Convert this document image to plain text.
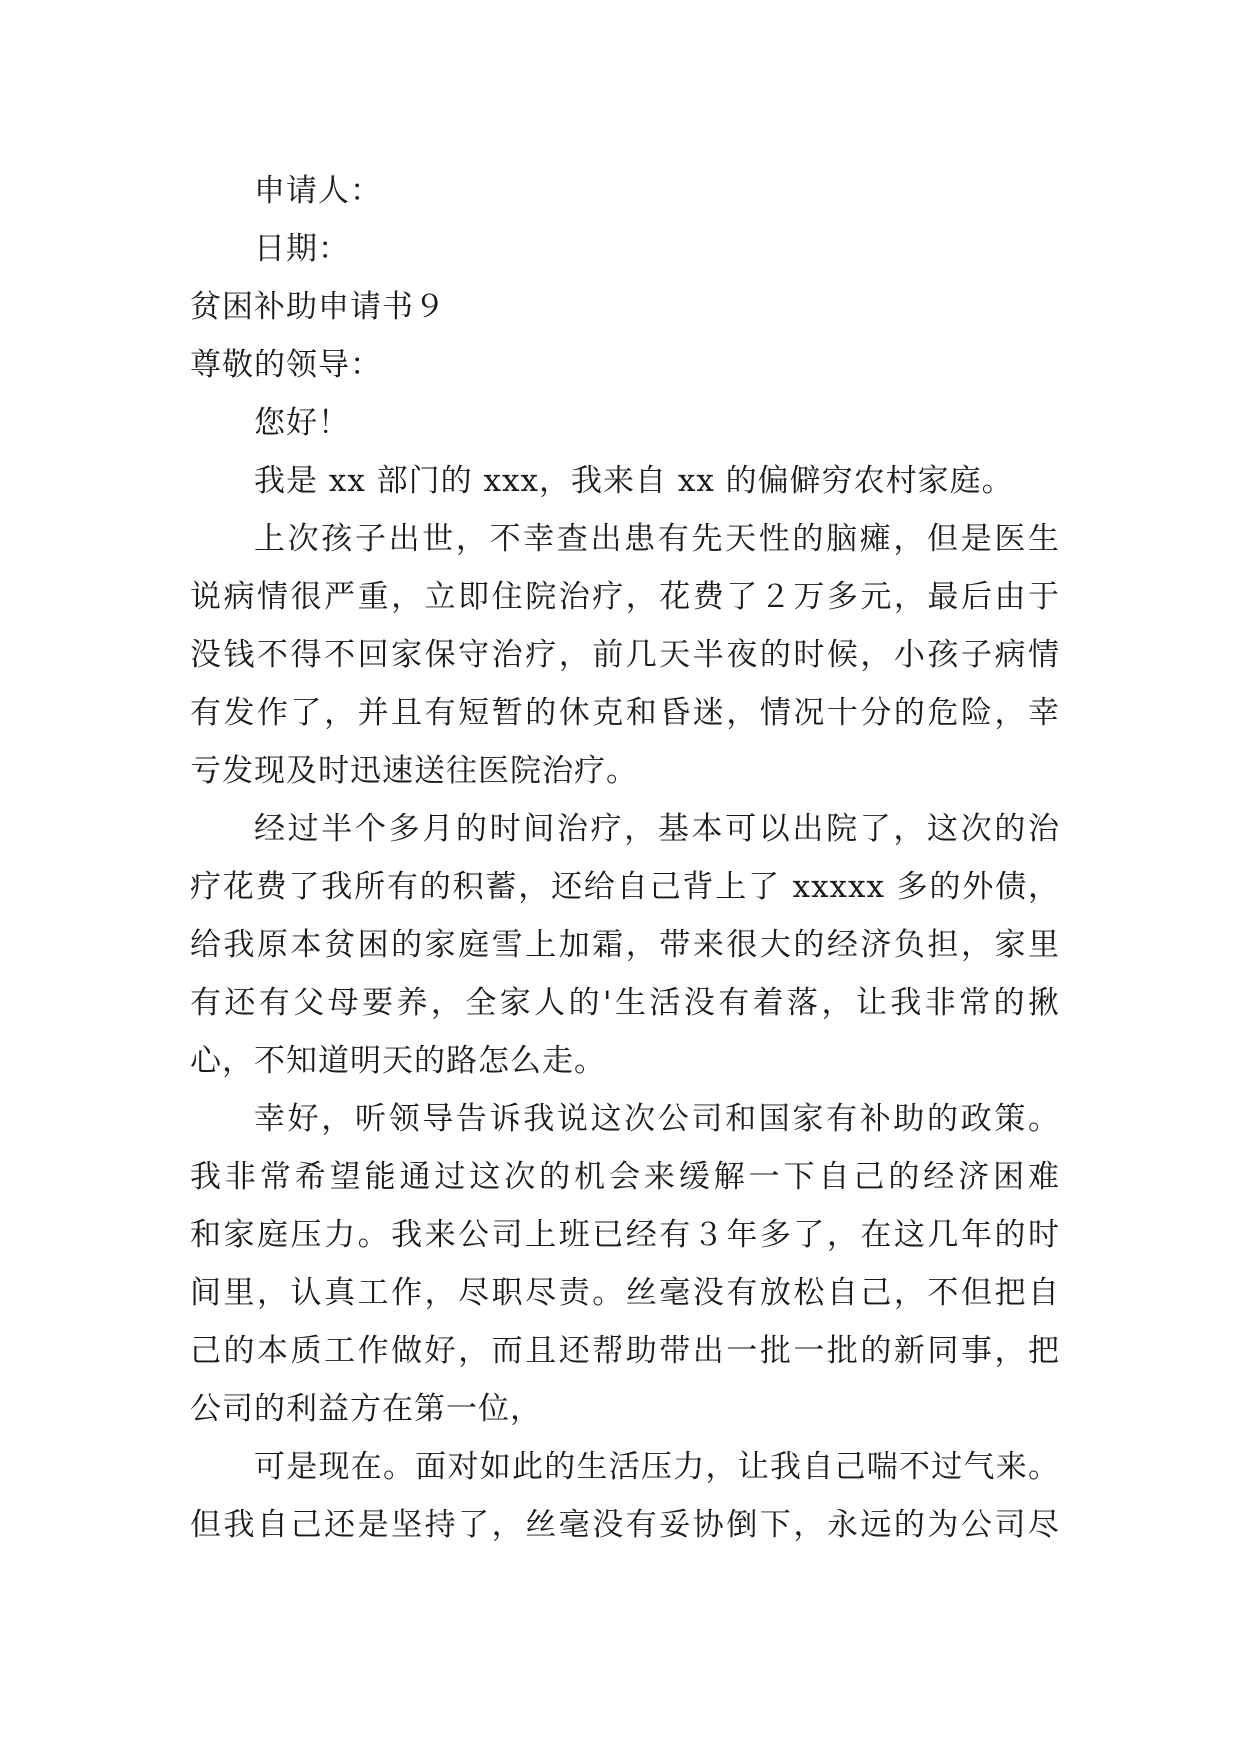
申请人：
日期：
贫困补助申请书９
尊敬的领导：
您好！
我是 xx 部门的 xxx，我来自 xx 的偏僻穷农村家庭。
上次孩子出世，不幸查出患有先天性的脑瘫，但是医生
说病情很严重，立即住院治疗，花费了２万多元，最后由于
没钱不得不回家保守治疗，前几天半夜的时候，小孩子病情
有发作了，并且有短暂的休克和昏迷，情况十分的危险，幸
亏发现及时迅速送往医院治疗。
经过半个多月的时间治疗，基本可以出院了，这次的治
疗花费了我所有的积蓄，还给自己背上了 xxxxx 多的外债，
给我原本贫困的家庭雪上加霜，带来很大的经济负担，家里
有还有父母要养，全家人的'生活没有着落，让我非常的揪
心，不知道明天的路怎么走。
幸好，听领导告诉我说这次公司和国家有补助的政策。
我非常希望能通过这次的机会来缓解一下自己的经济困难
和家庭压力。我来公司上班已经有３年多了，在这几年的时
间里，认真工作，尽职尽责。丝毫没有放松自己，不但把自
己的本质工作做好，而且还帮助带出一批一批的新同事，把
公司的利益方在第一位，
可是现在。面对如此的生活压力，让我自己喘不过气来。
但我自己还是坚持了，丝毫没有妥协倒下，永远的为公司尽
